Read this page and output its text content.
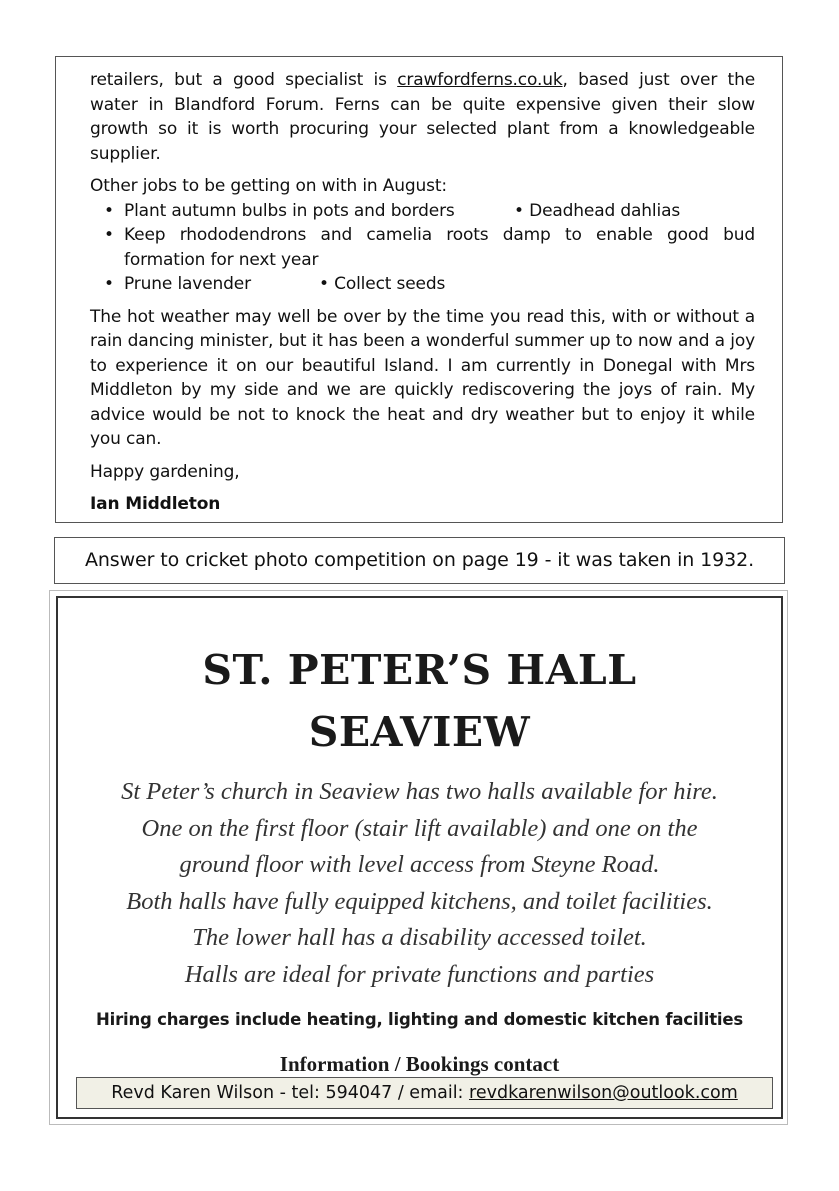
retailers, but a good specialist is crawfordferns.co.uk, based just over the water in Blandford Forum. Ferns can be quite expensive given their slow growth so it is worth procuring your selected plant from a knowledgeable supplier.

Other jobs to be getting on with in August:

• Plant autumn bulbs in pots and borders	• Deadhead dahlias
• Keep rhododendrons and camelia roots damp to enable good bud formation for next year
• Prune lavender	• Collect seeds

The hot weather may well be over by the time you read this, with or without a rain dancing minister, but it has been a wonderful summer up to now and a joy to experience it on our beautiful Island. I am currently in Donegal with Mrs Middleton by my side and we are quickly rediscovering the joys of rain. My advice would be not to knock the heat and dry weather but to enjoy it while you can.

Happy gardening,

Ian Middleton

Answer to cricket photo competition on page 19 - it was taken in 1932.
ST. PETER’S HALL
SEAVIEW
St Peter’s church in Seaview has two halls available for hire.
One on the first floor (stair lift available) and one on the
ground floor with level access from Steyne Road.
Both halls have fully equipped kitchens, and toilet facilities.
The lower hall has a disability accessed toilet.
Halls are ideal for private functions and parties
Hiring charges include heating, lighting and domestic kitchen facilities
Information / Bookings contact
Revd Karen Wilson - tel: 594047 / email: revdkarenwilson@outlook.com
